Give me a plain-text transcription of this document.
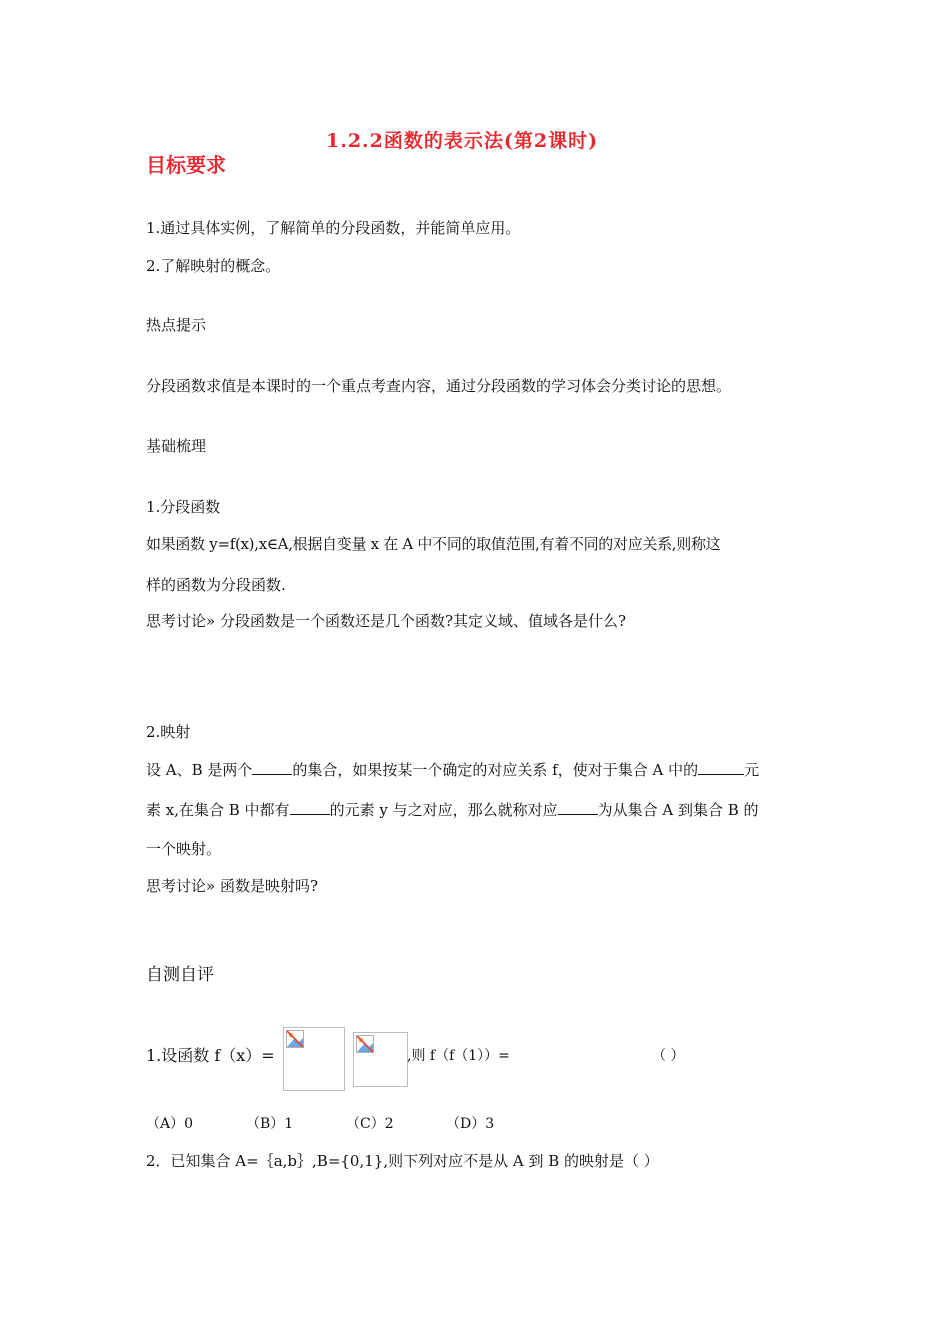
1.2.2函数的表示法(第2课时)
目标要求
1.通过具体实例，了解简单的分段函数，并能简单应用。
2.了解映射的概念。
热点提示
分段函数求值是本课时的一个重点考查内容，通过分段函数的学习体会分类讨论的思想。
基础梳理
1.分段函数
如果函数 y=f(x),x∈A,根据自变量 x 在 A 中不同的取值范围,有着不同的对应关系,则称这
样的函数为分段函数.
思考讨论» 分段函数是一个函数还是几个函数?其定义域、值域各是什么?
2.映射
设 A、B 是两个	的集合，如果按某一个确定的对应关系 f，使对于集合 A 中的	元
素 x,在集合 B 中都有	的元素 y 与之对应，那么就称对应	为从集合 A 到集合 B 的
一个映射。
思考讨论» 函数是映射吗?
自测自评
1.设函数 f（x）=	,则 f（f（1））=	（ ）
（A）0	（B）1	（C）2	（D）3
2．已知集合 A=｛a,b｝,B={0,1},则下列对应不是从 A 到 B 的映射是（ ）
